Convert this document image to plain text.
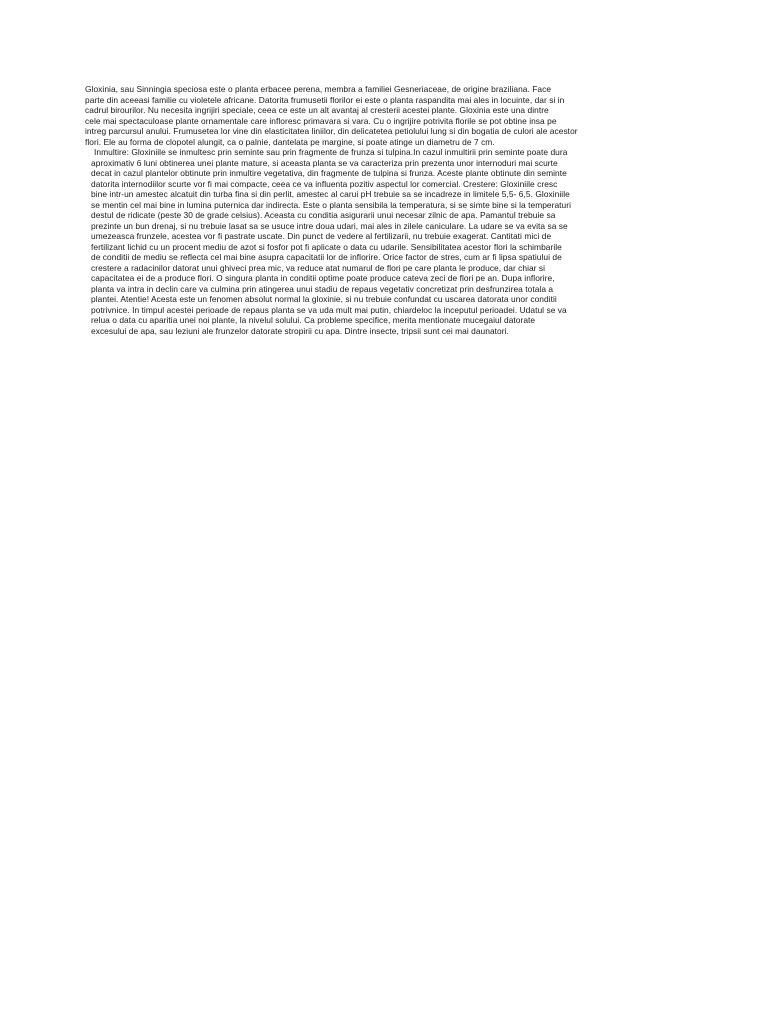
Gloxinia, sau Sinningia speciosa este o planta erbacee perena, membra a familiei Gesneriaceae, de origine braziliana. Face
parte din aceeasi familie cu violetele africane. Datorita frumusetii florilor ei este o planta raspandita mai ales in locuinte, dar si in
cadrul birourilor. Nu necesita ingrijiri speciale, ceea ce este un alt avantaj al cresterii acestei plante. Gloxinia este una dintre
cele mai spectaculoase plante ornamentale care infloresc primavara si vara. Cu o ingrijire potrivita florile se pot obtine insa pe
intreg parcursul anului. Frumusetea lor vine din elasticitatea liniilor, din delicatetea petiolului lung si din bogatia de culori ale acestor
flori. Ele au forma de clopotel alungit, ca o palnie, dantelata pe margine, si poate atinge un diametru de 7 cm.
Inmultire: Gloxiniile se inmultesc prin seminte sau prin fragmente de frunza si tulpina.In cazul inmultirii prin seminte poate dura
aproximativ 6 luni obtinerea unei plante mature, si aceasta planta se va caracteriza prin prezenta unor internoduri mai scurte
decat in cazul plantelor obtinute prin inmultire vegetativa, din fragmente de tulpina si frunza. Aceste plante obtinute din seminte
datorita internodiilor scurte vor fi mai compacte, ceea ce va influenta pozitiv aspectul lor comercial. Crestere: Gloxiniile cresc
bine intr-un amestec alcatuit din turba fina si din perlit, amestec al carui pH trebuie sa se incadreze in limitele 5,5- 6,5. Gloxiniile
se mentin cel mai bine in lumina puternica dar indirecta. Este o planta sensibila la temperatura, si se simte bine si la temperaturi
destul de ridicate (peste 30 de grade celsius). Aceasta cu conditia asigurarii unui necesar zilnic de apa. Pamantul trebuie sa
prezinte un bun drenaj, si nu trebuie lasat sa se usuce intre doua udari, mai ales in zilele caniculare. La udare se va evita sa se
umezeasca frunzele, acestea vor fi pastrate uscate. Din punct de vedere al fertilizarii, nu trebuie exagerat. Cantitati mici de
fertilizant lichid cu un procent mediu de azot si fosfor pot fi aplicate o data cu udarile. Sensibilitatea acestor flori la schimbarile
de conditii de mediu se reflecta cel mai bine asupra capacitatii lor de inflorire. Orice factor de stres, cum ar fi lipsa spatiului de
crestere a radacinilor datorat unui ghiveci prea mic, va reduce atat numarul de flori pe care planta le produce, dar chiar si
capacitatea ei de a produce flori. O singura planta in conditii optime poate produce cateva zeci de flori pe an. Dupa inflorire,
planta va intra in declin care va culmina prin atingerea unui stadiu de repaus vegetativ concretizat prin desfrunzirea totala a
plantei. Atentie! Acesta este un fenomen absolut normal la gloxinie, si nu trebuie confundat cu uscarea datorata unor conditii
potrivnice. In timpul acestei perioade de repaus planta se va uda mult mai putin, chiardeloc la inceputul perioadei. Udatul se va
relua o data cu aparitia unei noi plante, la nivelul solului. Ca probleme specifice, merita mentionate mucegaiul datorate
excesului de apa, sau leziuni ale frunzelor datorate stropirii cu apa. Dintre insecte, tripsii sunt cei mai daunatori.
